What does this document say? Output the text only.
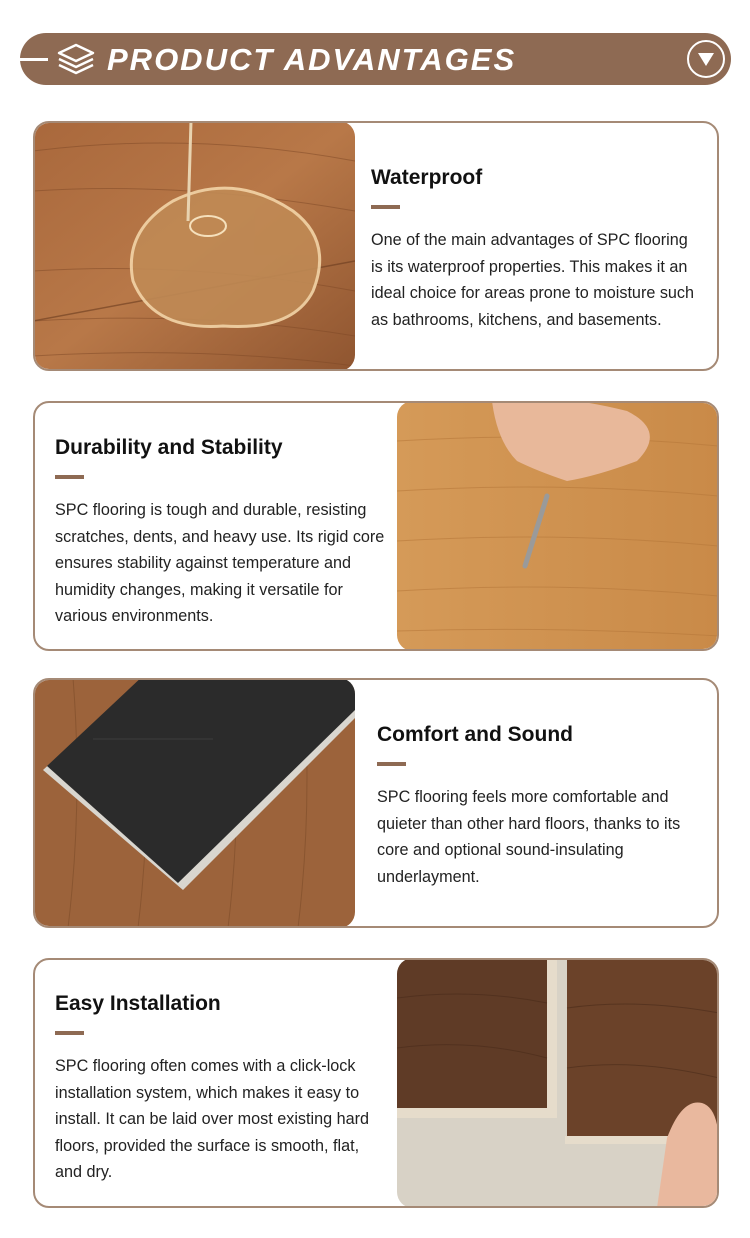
PRODUCT ADVANTAGES
Waterproof
One of the main advantages of SPC flooring is its waterproof properties. This makes it an ideal choice for areas prone to moisture such as bathrooms, kitchens, and basements.
Durability and Stability
SPC flooring is tough and durable, resisting scratches, dents, and heavy use. Its rigid core ensures stability against temperature and humidity changes, making it versatile for various environments.
Comfort and Sound
SPC flooring feels more comfortable and quieter than other hard floors, thanks to its core and optional sound-insulating underlayment.
Easy Installation
SPC flooring often comes with a click-lock installation system, which makes it easy to install. It can be laid over most existing hard floors, provided the surface is smooth, flat, and dry.
